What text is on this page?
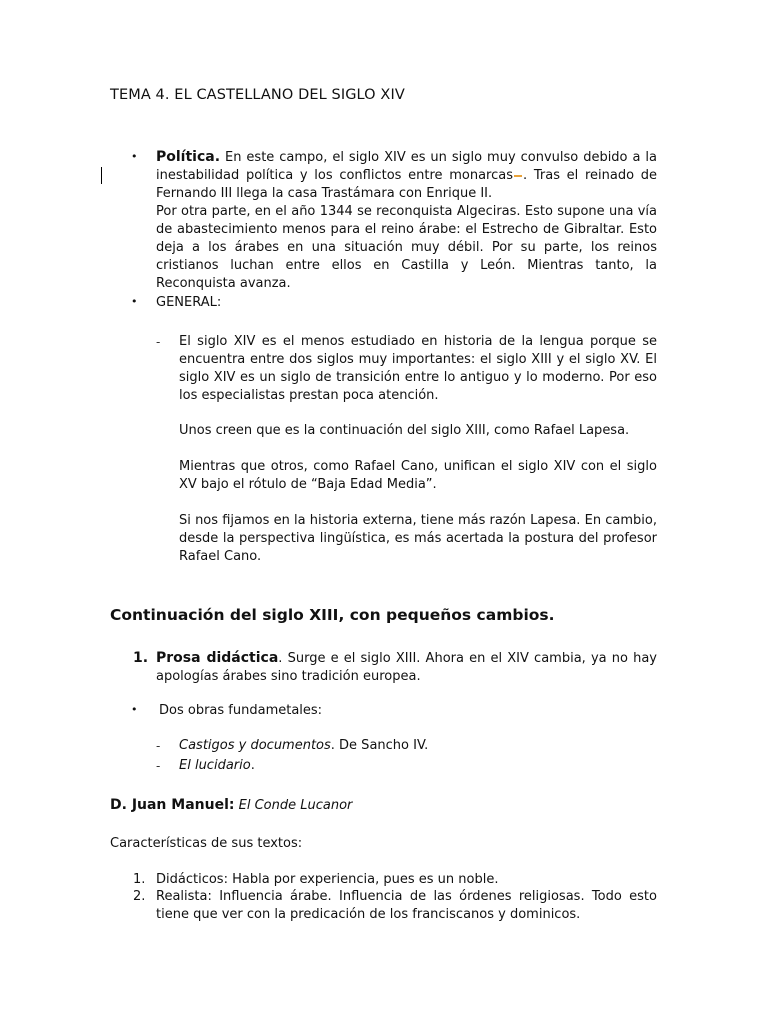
TEMA 4. EL CASTELLANO DEL SIGLO XIV
• Política. En este campo, el siglo XIV es un siglo muy convulso debido a la
inestabilidad política y los conflictos entre monarcas . Tras el reinado de
Fernando III llega la casa Trastámara con Enrique II.
Por otra parte, en el año 1344 se reconquista Algeciras. Esto supone una vía de abastecimiento menos para el reino árabe: el Estrecho de Gibraltar. Esto deja a los árabes en una situación muy débil. Por su parte, los reinos cristianos luchan entre ellos en Castilla y León. Mientras tanto, la Reconquista avanza.
• GENERAL:
- El siglo XIV es el menos estudiado en historia de la lengua porque se encuentra entre dos siglos muy importantes: el siglo XIII y el siglo XV. El siglo XIV es un siglo de transición entre lo antiguo y lo moderno. Por eso los especialistas prestan poca atención.
Unos creen que es la continuación del siglo XIII, como Rafael Lapesa.
Mientras que otros, como Rafael Cano, unifican el siglo XIV con el siglo XV bajo el rótulo de “Baja Edad Media”.
Si nos fijamos en la historia externa, tiene más razón Lapesa. En cambio, desde la perspectiva lingüística, es más acertada la postura del profesor Rafael Cano.
Continuación del siglo XIII, con pequeños cambios.
1. Prosa didáctica. Surge e el siglo XIII. Ahora en el XIV cambia, ya no hay apologías árabes sino tradición europea.
• Dos obras fundametales:
- Castigos y documentos. De Sancho IV.
- El lucidario.
D. Juan Manuel: El Conde Lucanor
Características de sus textos:
1. Didácticos: Habla por experiencia, pues es un noble.
2. Realista: Influencia árabe. Influencia de las órdenes religiosas. Todo esto tiene que ver con la predicación de los franciscanos y dominicos.
